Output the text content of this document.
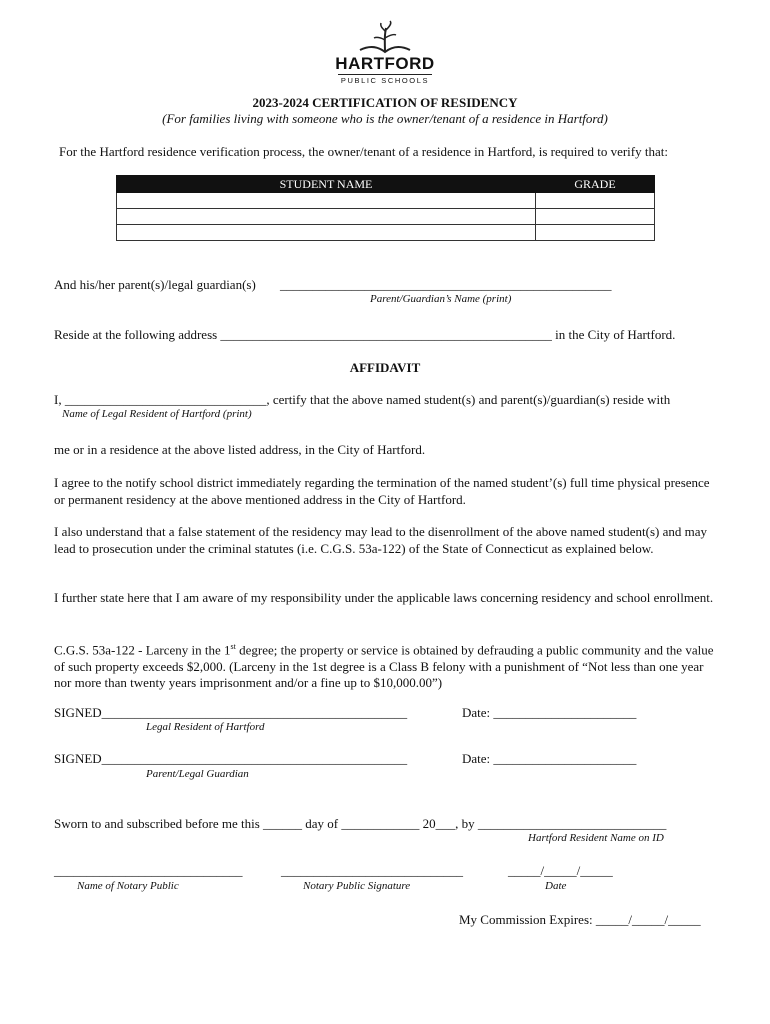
HARTFORD
PUBLIC SCHOOLS
2023-2024 CERTIFICATION OF RESIDENCY
(For families living with someone who is the owner/tenant of a residence in Hartford)
For the Hartford residence verification process, the owner/tenant of a residence in Hartford, is required to verify that:
STUDENT NAME	GRADE

And his/her parent(s)/legal guardian(s) ___________________________________________________
Parent/Guardian’s Name (print)
Reside at the following address ___________________________________________________ in the City of Hartford.
AFFIDAVIT
I, _______________________________, certify that the above named student(s) and parent(s)/guardian(s) reside with
Name of Legal Resident of Hartford (print)
me or in a residence at the above listed address, in the City of Hartford.
I agree to the notify school district immediately regarding the termination of the named student’(s) full time physical presence or permanent residency at the above mentioned address in the City of Hartford.
I also understand that a false statement of the residency may lead to the disenrollment of the above named student(s) and may lead to prosecution under the criminal statutes (i.e. C.G.S. 53a-122) of the State of Connecticut as explained below.
I further state here that I am aware of my responsibility under the applicable laws concerning residency and school enrollment.
C.G.S. 53a-122 - Larceny in the 1st degree; the property or service is obtained by defrauding a public community and the value of such property exceeds $2,000. (Larceny in the 1st degree is a Class B felony with a punishment of “Not less than one year nor more than twenty years imprisonment and/or a fine up to $10,000.00”)
SIGNED_______________________________________________
Legal Resident of Hartford
Date: ______________________
SIGNED_______________________________________________
Parent/Legal Guardian
Date: ______________________
Sworn to and subscribed before me this ______ day of ____________ 20___, by _____________________________
Hartford Resident Name on ID
_____________________________
Name of Notary Public
____________________________
Notary Public Signature
_____/_____/_____
Date
My Commission Expires: _____/_____/_____
